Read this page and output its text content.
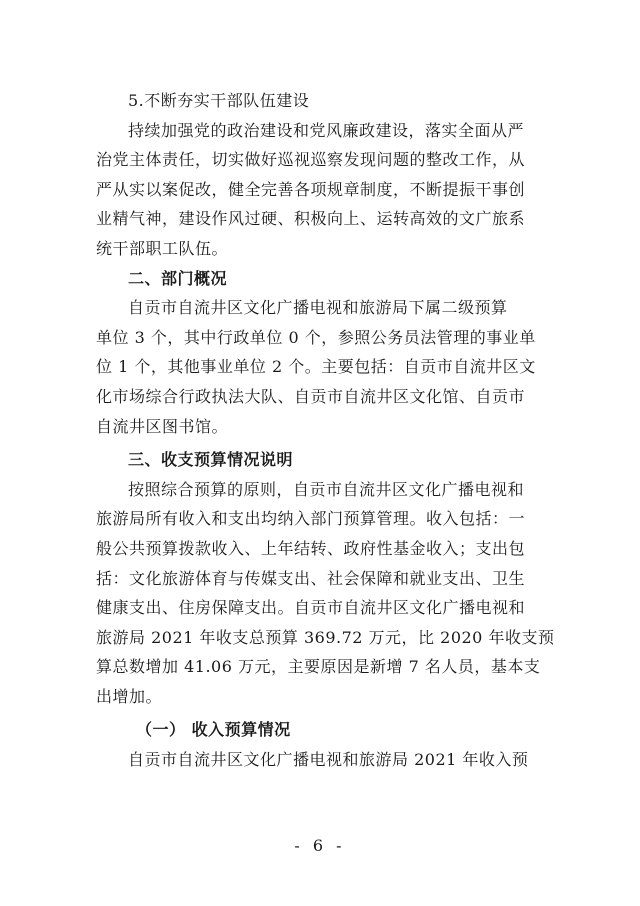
5.不断夯实干部队伍建设
持续加强党的政治建设和党风廉政建设，落实全面从严
治党主体责任，切实做好巡视巡察发现问题的整改工作，从
严从实以案促改，健全完善各项规章制度，不断提振干事创
业精气神，建设作风过硬、积极向上、运转高效的文广旅系
统干部职工队伍。
二、部门概况
自贡市自流井区文化广播电视和旅游局下属二级预算
单位 3 个，其中行政单位 0 个，参照公务员法管理的事业单
位 1 个，其他事业单位 2 个。主要包括：自贡市自流井区文
化市场综合行政执法大队、自贡市自流井区文化馆、自贡市
自流井区图书馆。
三、收支预算情况说明
按照综合预算的原则，自贡市自流井区文化广播电视和
旅游局所有收入和支出均纳入部门预算管理。收入包括：一
般公共预算拨款收入、上年结转、政府性基金收入；支出包
括：文化旅游体育与传媒支出、社会保障和就业支出、卫生
健康支出、住房保障支出。自贡市自流井区文化广播电视和
旅游局 2021 年收支总预算 369.72 万元，比 2020 年收支预
算总数增加 41.06 万元，主要原因是新增 7 名人员，基本支
出增加。
（一） 收入预算情况
自贡市自流井区文化广播电视和旅游局 2021 年收入预
- 6 -
